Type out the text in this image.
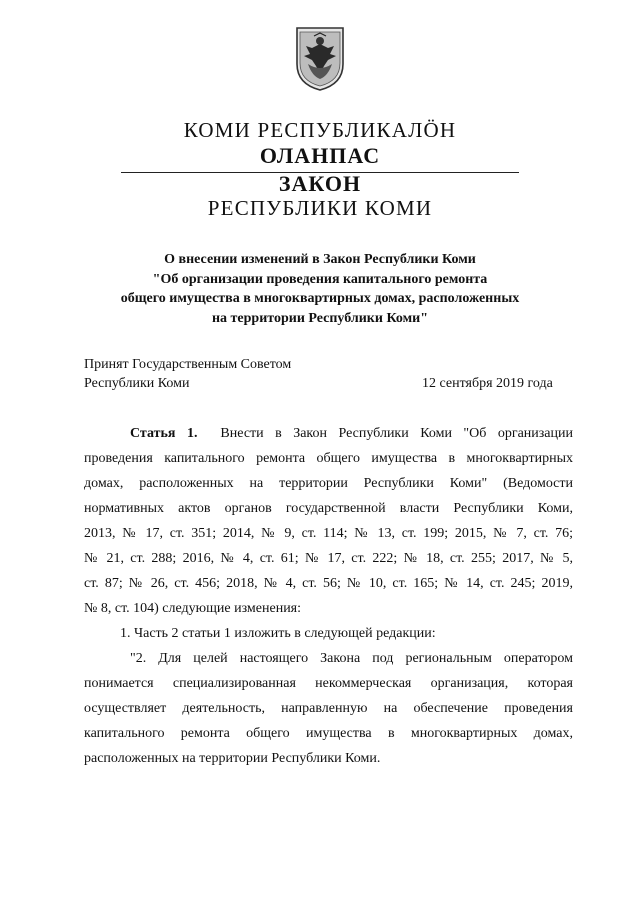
КОМИ РЕСПУБЛИКАЛӦН
ОЛАНПАС
ЗАКОН
РЕСПУБЛИКИ КОМИ
О внесении изменений в Закон Республики Коми
"Об организации проведения капитального ремонта
общего имущества в многоквартирных домах, расположенных
на территории Республики Коми"
Принят Государственным Советом
Республики Коми	12 сентября 2019 года
Статья 1. Внести в Закон Республики Коми "Об организации
проведения капитального ремонта общего имущества в многоквартирных
домах, расположенных на территории Республики Коми" (Ведомости
нормативных актов органов государственной власти Республики Коми,
2013, № 17, ст. 351; 2014, № 9, ст. 114; № 13, ст. 199; 2015, № 7, ст. 76;
№ 21, ст. 288; 2016, № 4, ст. 61; № 17, ст. 222; № 18, ст. 255; 2017, № 5,
ст. 87; № 26, ст. 456; 2018, № 4, ст. 56; № 10, ст. 165; № 14, ст. 245; 2019,
№ 8, ст. 104) следующие изменения:
1. Часть 2 статьи 1 изложить в следующей редакции:
"2. Для целей настоящего Закона под региональным оператором
понимается специализированная некоммерческая организация, которая
осуществляет деятельность, направленную на обеспечение проведения
капитального ремонта общего имущества в многоквартирных домах,
расположенных на территории Республики Коми.
